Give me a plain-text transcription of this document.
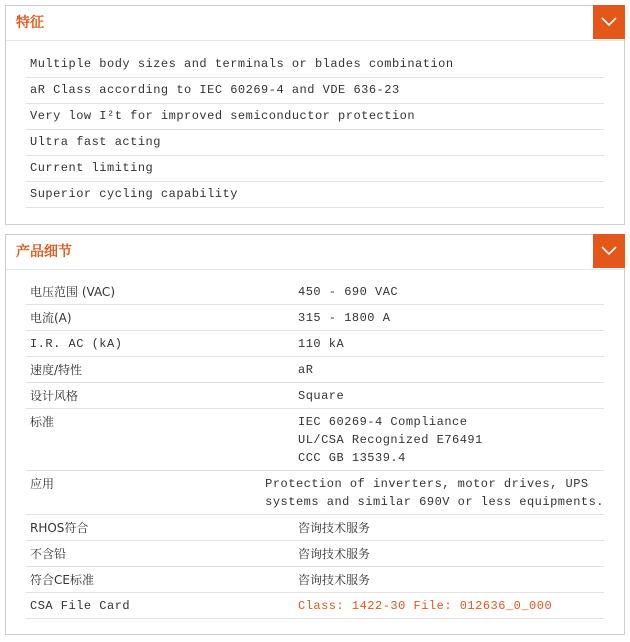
特征
Multiple body sizes and terminals or blades combination
aR Class according to IEC 60269-4 and VDE 636-23
Very low I²t for improved semiconductor protection
Ultra fast acting
Current limiting
Superior cycling capability
产品细节
电压范围 (VAC)	450 - 690 VAC
电流(A)	315 - 1800 A
I.R. AC (kA)	110 kA
速度/特性	aR
设计风格	Square
标准	IEC 60269-4 Compliance
UL/CSA Recognized E76491
CCC GB 13539.4
应用	Protection of inverters, motor drives, UPS
systems and similar 690V or less equipments.
RHOS符合	咨询技术服务
不含铅	咨询技术服务
符合CE标准	咨询技术服务
CSA File Card	Class: 1422-30 File: 012636_0_000
